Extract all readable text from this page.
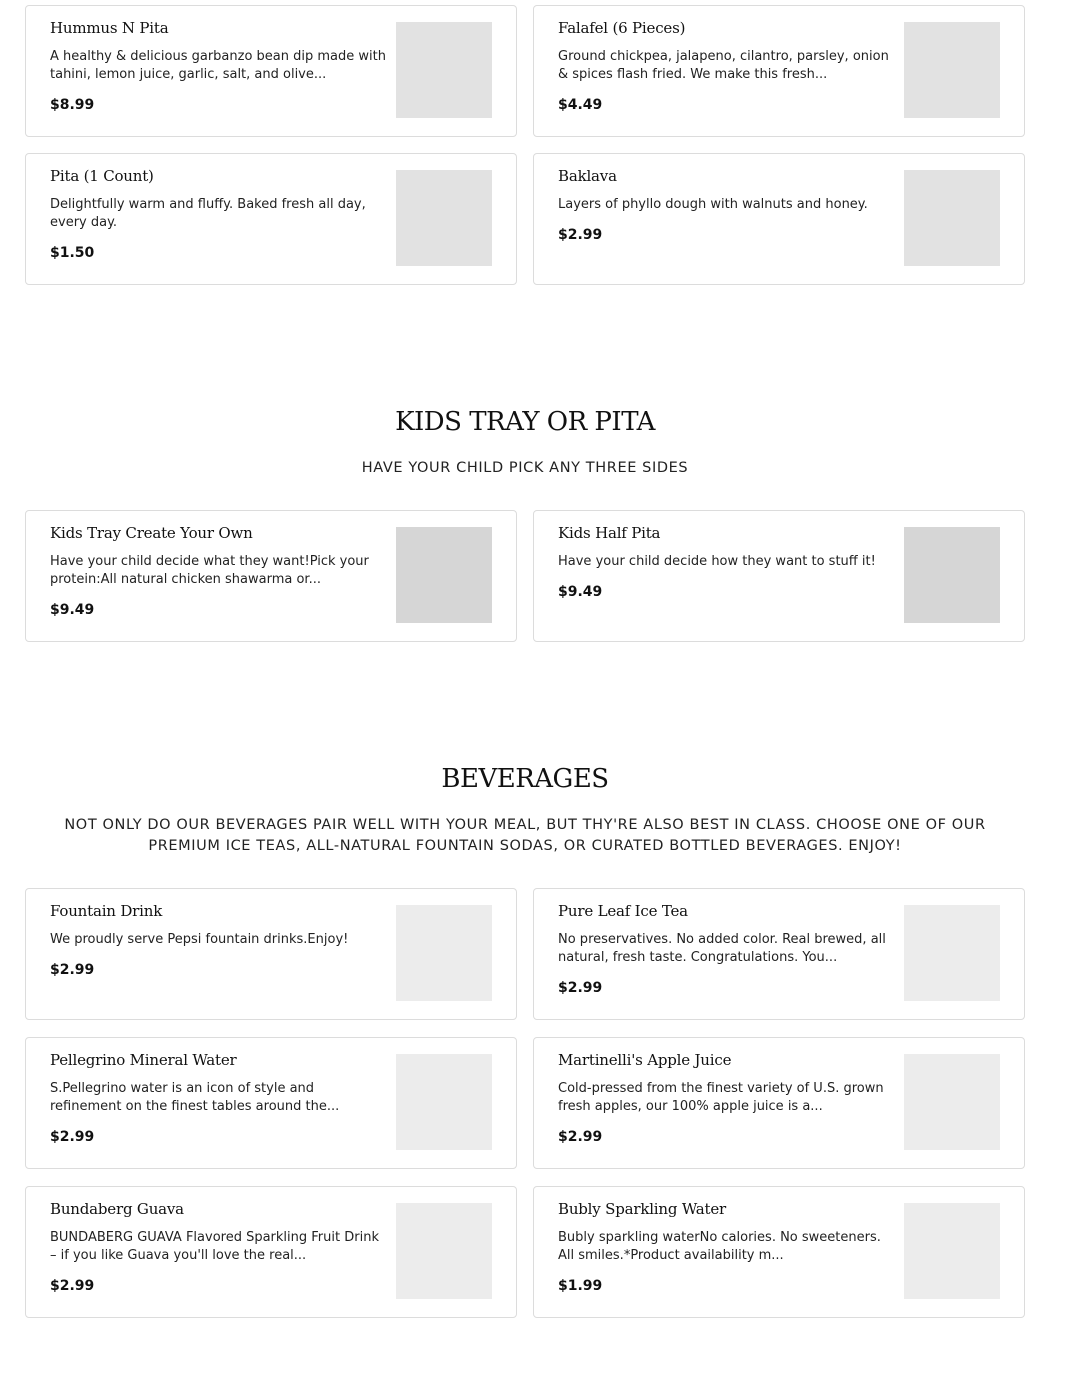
Hummus N Pita
A healthy & delicious garbanzo bean dip made with tahini, lemon juice, garlic, salt, and olive...
$8.99
Falafel (6 Pieces)
Ground chickpea, jalapeno, cilantro, parsley, onion & spices flash fried. We make this fresh...
$4.49
Pita (1 Count)
Delightfully warm and fluffy. Baked fresh all day, every day.
$1.50
Baklava
Layers of phyllo dough with walnuts and honey.
$2.99
KIDS TRAY OR PITA

HAVE YOUR CHILD PICK ANY THREE SIDES

Kids Tray Create Your Own
Have your child decide what they want!Pick your protein:All natural chicken shawarma or...
$9.49
Kids Half Pita
Have your child decide how they want to stuff it!
$9.49
BEVERAGES

NOT ONLY DO OUR BEVERAGES PAIR WELL WITH YOUR MEAL, BUT THY'RE ALSO BEST IN CLASS. CHOOSE ONE OF OUR PREMIUM ICE TEAS, ALL-NATURAL FOUNTAIN SODAS, OR CURATED BOTTLED BEVERAGES. ENJOY!

Fountain Drink
We proudly serve Pepsi fountain drinks.Enjoy!
$2.99
Pure Leaf Ice Tea
No preservatives. No added color. Real brewed, all natural, fresh taste. Congratulations. You...
$2.99
Pellegrino Mineral Water
S.Pellegrino water is an icon of style and refinement on the finest tables around the...
$2.99
Martinelli's Apple Juice
Cold-pressed from the finest variety of U.S. grown fresh apples, our 100% apple juice is a...
$2.99
Bundaberg Guava
BUNDABERG GUAVA Flavored Sparkling Fruit Drink – if you like Guava you'll love the real...
$2.99
Bubly Sparkling Water
Bubly sparkling waterNo calories. No sweeteners. All smiles.*Product availability m...
$1.99
